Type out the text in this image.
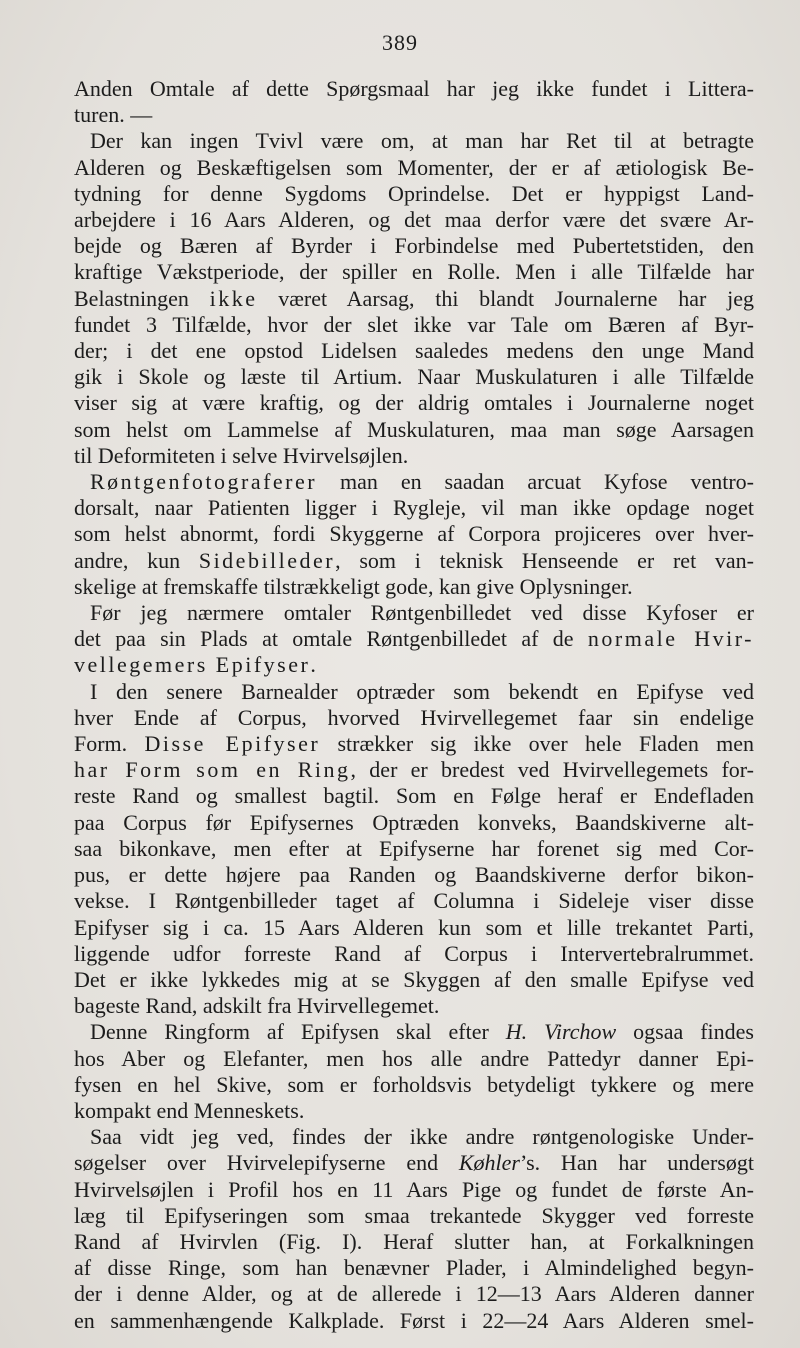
389
Anden Omtale af dette Spørgsmaal har jeg ikke fundet i Littera-
turen. —
Der kan ingen Tvivl være om, at man har Ret til at betragte
Alderen og Beskæftigelsen som Momenter, der er af ætiologisk Be-
tydning for denne Sygdoms Oprindelse. Det er hyppigst Land-
arbejdere i 16 Aars Alderen, og det maa derfor være det svære Ar-
bejde og Bæren af Byrder i Forbindelse med Pubertetstiden, den
kraftige Vækstperiode, der spiller en Rolle. Men i alle Tilfælde har
Belastningen ikke været Aarsag, thi blandt Journalerne har jeg
fundet 3 Tilfælde, hvor der slet ikke var Tale om Bæren af Byr-
der; i det ene opstod Lidelsen saaledes medens den unge Mand
gik i Skole og læste til Artium. Naar Muskulaturen i alle Tilfælde
viser sig at være kraftig, og der aldrig omtales i Journalerne noget
som helst om Lammelse af Muskulaturen, maa man søge Aarsagen
til Deformiteten i selve Hvirvelsøjlen.
Røntgenfotograferer man en saadan arcuat Kyfose ventro-
dorsalt, naar Patienten ligger i Rygleje, vil man ikke opdage noget
som helst abnormt, fordi Skyggerne af Corpora projiceres over hver-
andre, kun Sidebilleder, som i teknisk Henseende er ret van-
skelige at fremskaffe tilstrækkeligt gode, kan give Oplysninger.
Før jeg nærmere omtaler Røntgenbilledet ved disse Kyfoser er
det paa sin Plads at omtale Røntgenbilledet af de normale Hvir-
vellegemers Epifyser.
I den senere Barnealder optræder som bekendt en Epifyse ved
hver Ende af Corpus, hvorved Hvirvellegemet faar sin endelige
Form. Disse Epifyser strækker sig ikke over hele Fladen men
har Form som en Ring, der er bredest ved Hvirvellegemets for-
reste Rand og smallest bagtil. Som en Følge heraf er Endefladen
paa Corpus før Epifysernes Optræden konveks, Baandskiverne alt-
saa bikonkave, men efter at Epifyserne har forenet sig med Cor-
pus, er dette højere paa Randen og Baandskiverne derfor bikon-
vekse. I Røntgenbilleder taget af Columna i Sideleje viser disse
Epifyser sig i ca. 15 Aars Alderen kun som et lille trekantet Parti,
liggende udfor forreste Rand af Corpus i Intervertebralrummet.
Det er ikke lykkedes mig at se Skyggen af den smalle Epifyse ved
bageste Rand, adskilt fra Hvirvellegemet.
Denne Ringform af Epifysen skal efter H. Virchow ogsaa findes
hos Aber og Elefanter, men hos alle andre Pattedyr danner Epi-
fysen en hel Skive, som er forholdsvis betydeligt tykkere og mere
kompakt end Menneskets.
Saa vidt jeg ved, findes der ikke andre røntgenologiske Under-
søgelser over Hvirvelepifyserne end Køhler’s. Han har undersøgt
Hvirvelsøjlen i Profil hos en 11 Aars Pige og fundet de første An-
læg til Epifyseringen som smaa trekantede Skygger ved forreste
Rand af Hvirvlen (Fig. I). Heraf slutter han, at Forkalkningen
af disse Ringe, som han benævner Plader, i Almindelighed begyn-
der i denne Alder, og at de allerede i 12—13 Aars Alderen danner
en sammenhængende Kalkplade. Først i 22—24 Aars Alderen smel-
